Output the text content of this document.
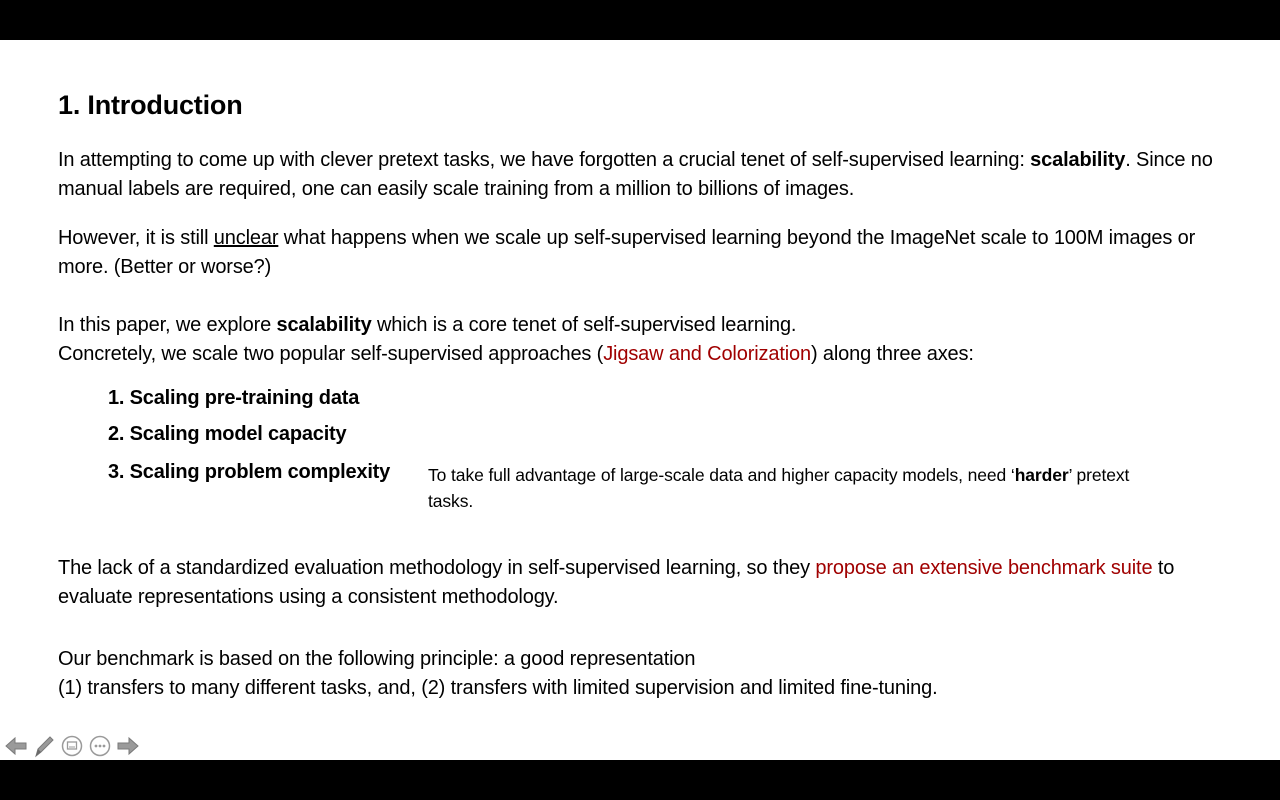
1. Introduction

In attempting to come up with clever pretext tasks, we have forgotten a crucial tenet of self-supervised learning: scalability. Since no manual labels are required, one can easily scale training from a million to billions of images.

However, it is still unclear what happens when we scale up self-supervised learning beyond the ImageNet scale to 100M images or more. (Better or worse?)

In this paper, we explore scalability which is a core tenet of self-supervised learning.
Concretely, we scale two popular self-supervised approaches (Jigsaw and Colorization) along three axes:

1. Scaling pre-training data
2. Scaling model capacity
3. Scaling problem complexity To take full advantage of large-scale data and higher capacity models, need ‘harder’ pretext tasks.

The lack of a standardized evaluation methodology in self-supervised learning, so they propose an extensive benchmark suite to evaluate representations using a consistent methodology.

Our benchmark is based on the following principle: a good representation
(1) transfers to many different tasks, and, (2) transfers with limited supervision and limited fine-tuning.
